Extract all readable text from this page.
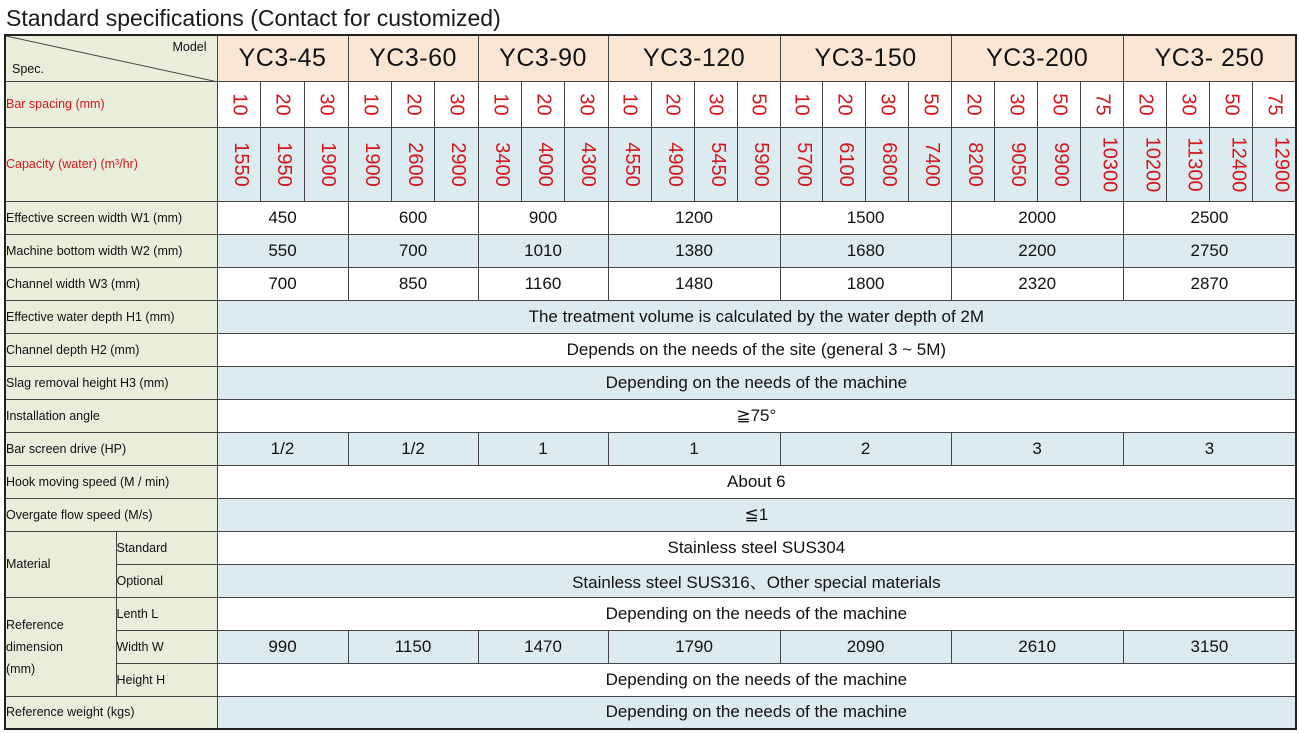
Standard specifications (Contact for customized)
Model
Spec.		YC3-45			YC3-60			YC3-90			YC3-120				YC3-150				YC3-200				YC3- 250			
Bar spacing (mm)		10	20	30	10	20	30	10	20	30	10	20	30	50	10	20	30	50	20	30	50	75	20	30	50	75
Capacity (water) (m³/hr)		1550	1950	1900	1900	2600	2900	3400	4000	4300	4550	4900	5450	5900	5700	6100	6800	7400	8200	9050	9900	10300	10200	11300	12400	12900
Effective screen width W1 (mm)		450			600			900			1200				1500				2000				2500			
Machine bottom width W2 (mm)		550			700			1010			1380				1680				2200				2750			
Channel width W3 (mm)		700			850			1160			1480				1800				2320				2870			
Effective water depth H1 (mm)		The treatment volume is calculated by the water depth of 2M																								
Channel depth H2 (mm)		Depends on the needs of the site (general 3 ~ 5M)																								
Slag removal height H3 (mm)		Depending on the needs of the machine																								
Installation angle		≧75°																								
Bar screen drive (HP)		1/2			1/2			1			1				2				3				3			
Hook moving speed (M / min)		About 6																								
Overgate flow speed (M/s)		≦1																								
Material	Standard	Stainless steel SUS304																								
	Optional	Stainless steel SUS316、Other special materials																								

Reference
dimension
(mm)	Lenth L	Depending on the needs of the machine																								
	Width W	990			1150			1470			1790				2090				2610				3150			
	Height H	Depending on the needs of the machine																								
Reference weight (kgs)		Depending on the needs of the machine																								
